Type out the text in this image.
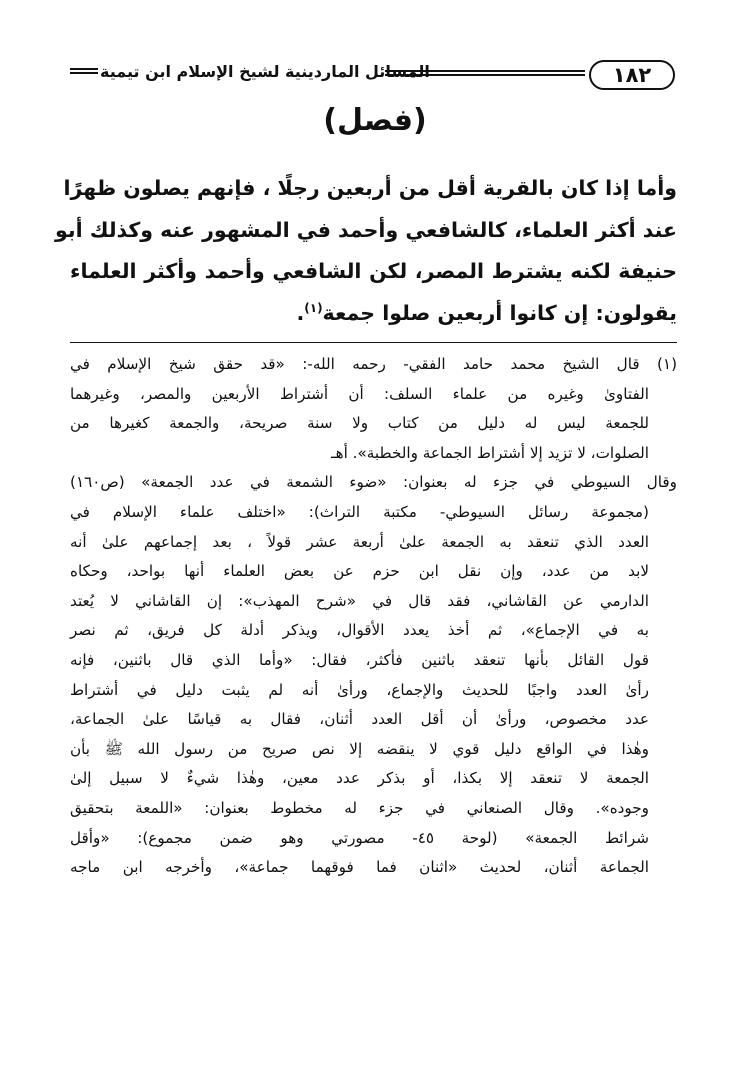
١٨٢
المسائل الماردينية لشيخ الإسلام ابن تيمية
(فصل)
وأما إذا كان بالقرية أقل من أربعين رجلًا ، فإنهم يصلون ظهرًا
عند أكثر العلماء، كالشافعي وأحمد في المشهور عنه وكذلك أبو
حنيفة لكنه يشترط المصر، لكن الشافعي وأحمد وأكثر العلماء
يقولون: إن كانوا أربعين صلوا جمعة$^{(١)}$.
(١) قال الشيخ محمد حامد الفقي- رحمه الله-: «قد حقق شيخ الإسلام في
الفتاوىٰ وغيره من علماء السلف: أن أشتراط الأربعين والمصر، وغيرهما
للجمعة ليس له دليل من كتاب ولا سنة صريحة، والجمعة كغيرها من
الصلوات، لا تزيد إلا أشتراط الجماعة والخطبة». أهـ
وقال السيوطي في جزء له بعنوان: «ضوء الشمعة في عدد الجمعة» (ص١٦٠)
(مجموعة رسائل السيوطي- مكتبة التراث): «اختلف علماء الإسلام في
العدد الذي تنعقد به الجمعة علىٰ أربعة عشر قولاً ، بعد إجماعهم علىٰ أنه
لابد من عدد، وإن نقل ابن حزم عن بعض العلماء أنها بواحد، وحكاه
الدارمي عن القاشاني، فقد قال في «شرح المهذب»: إن القاشاني لا يُعتد
به في الإجماع»، ثم أخذ يعدد الأقوال، ويذكر أدلة كل فريق، ثم نصر
قول القائل بأنها تنعقد باثنين فأكثر، فقال: «وأما الذي قال باثنين، فإنه
رأىٰ العدد واجبًا للحديث والإجماع، ورأىٰ أنه لم يثبت دليل في أشتراط
عدد مخصوص، ورأىٰ أن أقل العدد أثنان، فقال به قياسًا علىٰ الجماعة،
وهٰذا في الواقع دليل قوي لا ينقضه إلا نص صريح من رسول الله ﷺ بأن
الجمعة لا تنعقد إلا بكذا، أو بذكر عدد معين، وهٰذا شيءٌ لا سبيل إلىٰ
وجوده». وقال الصنعاني في جزء له مخطوط بعنوان: «اللمعة بتحقيق
شرائط الجمعة» (لوحة ٤٥- مصورتي وهو ضمن مجموع): «وأقل
الجماعة أثنان، لحديث «اثنان فما فوقهما جماعة»، وأخرجه ابن ماجه
